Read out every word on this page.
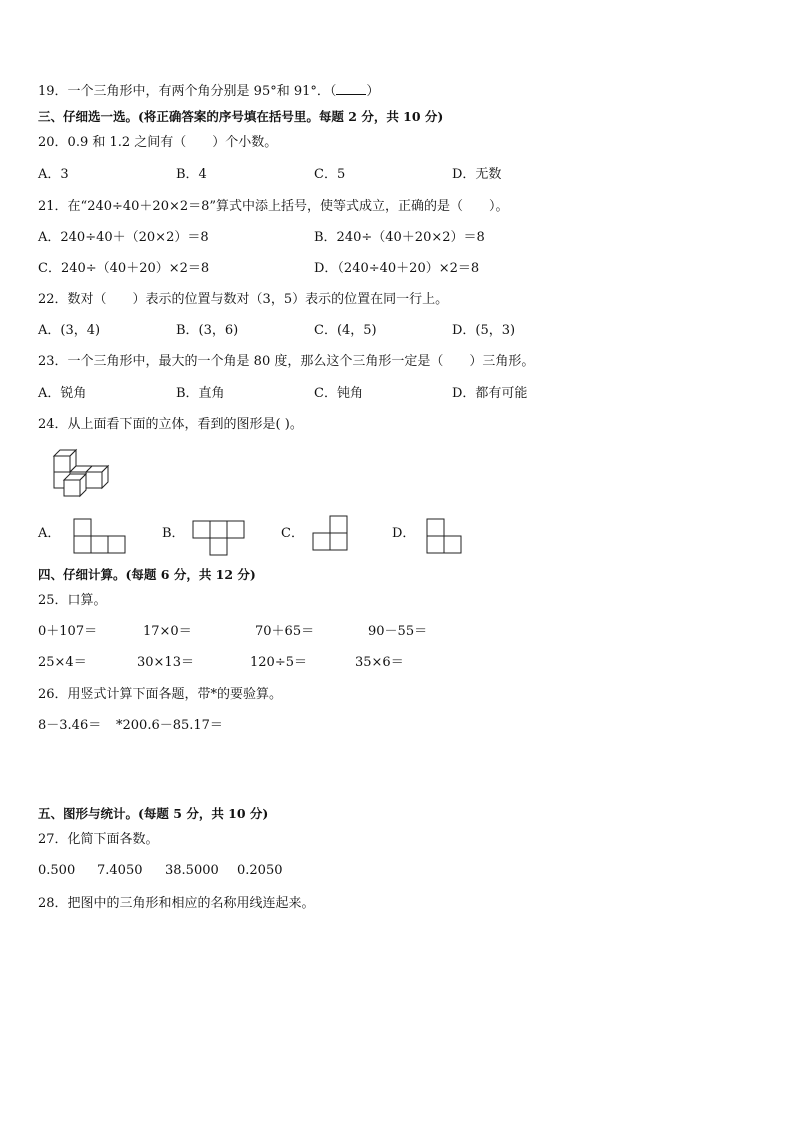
19．一个三角形中，有两个角分别是 95°和 91°．（ ）
三、仔细选一选。(将正确答案的序号填在括号里。每题 2 分，共 10 分)
20．0.9 和 1.2 之间有（　　）个小数。
A．3	B．4	C．5	D．无数
21．在“240÷40＋20×2＝8”算式中添上括号，使等式成立，正确的是（　　）。
A．240÷40＋（20×2）＝8	B．240÷（40＋20×2）＝8
C．240÷（40＋20）×2＝8	D．（240÷40＋20）×2＝8
22．数对（　　）表示的位置与数对（3，5）表示的位置在同一行上。
A．(3，4)	B．(3，6)	C．(4，5)	D．(5，3)
23．一个三角形中，最大的一个角是 80 度，那么这个三角形一定是（　　）三角形。
A．锐角	B．直角	C．钝角	D．都有可能
24．从上面看下面的立体，看到的图形是( )。
A．	B．	C．	D．
四、仔细计算。(每题 6 分，共 12 分)
25．口算。
0＋107＝	17×0＝	70＋65＝	90－55＝
25×4＝	30×13＝	120÷5＝	35×6＝
26．用竖式计算下面各题，带*的要验算。
8－3.46＝ *200.6－85.17＝
五、图形与统计。(每题 5 分，共 10 分)
27．化简下面各数。
0.500 7.4050 38.5000 0.2050
28．把图中的三角形和相应的名称用线连起来。
